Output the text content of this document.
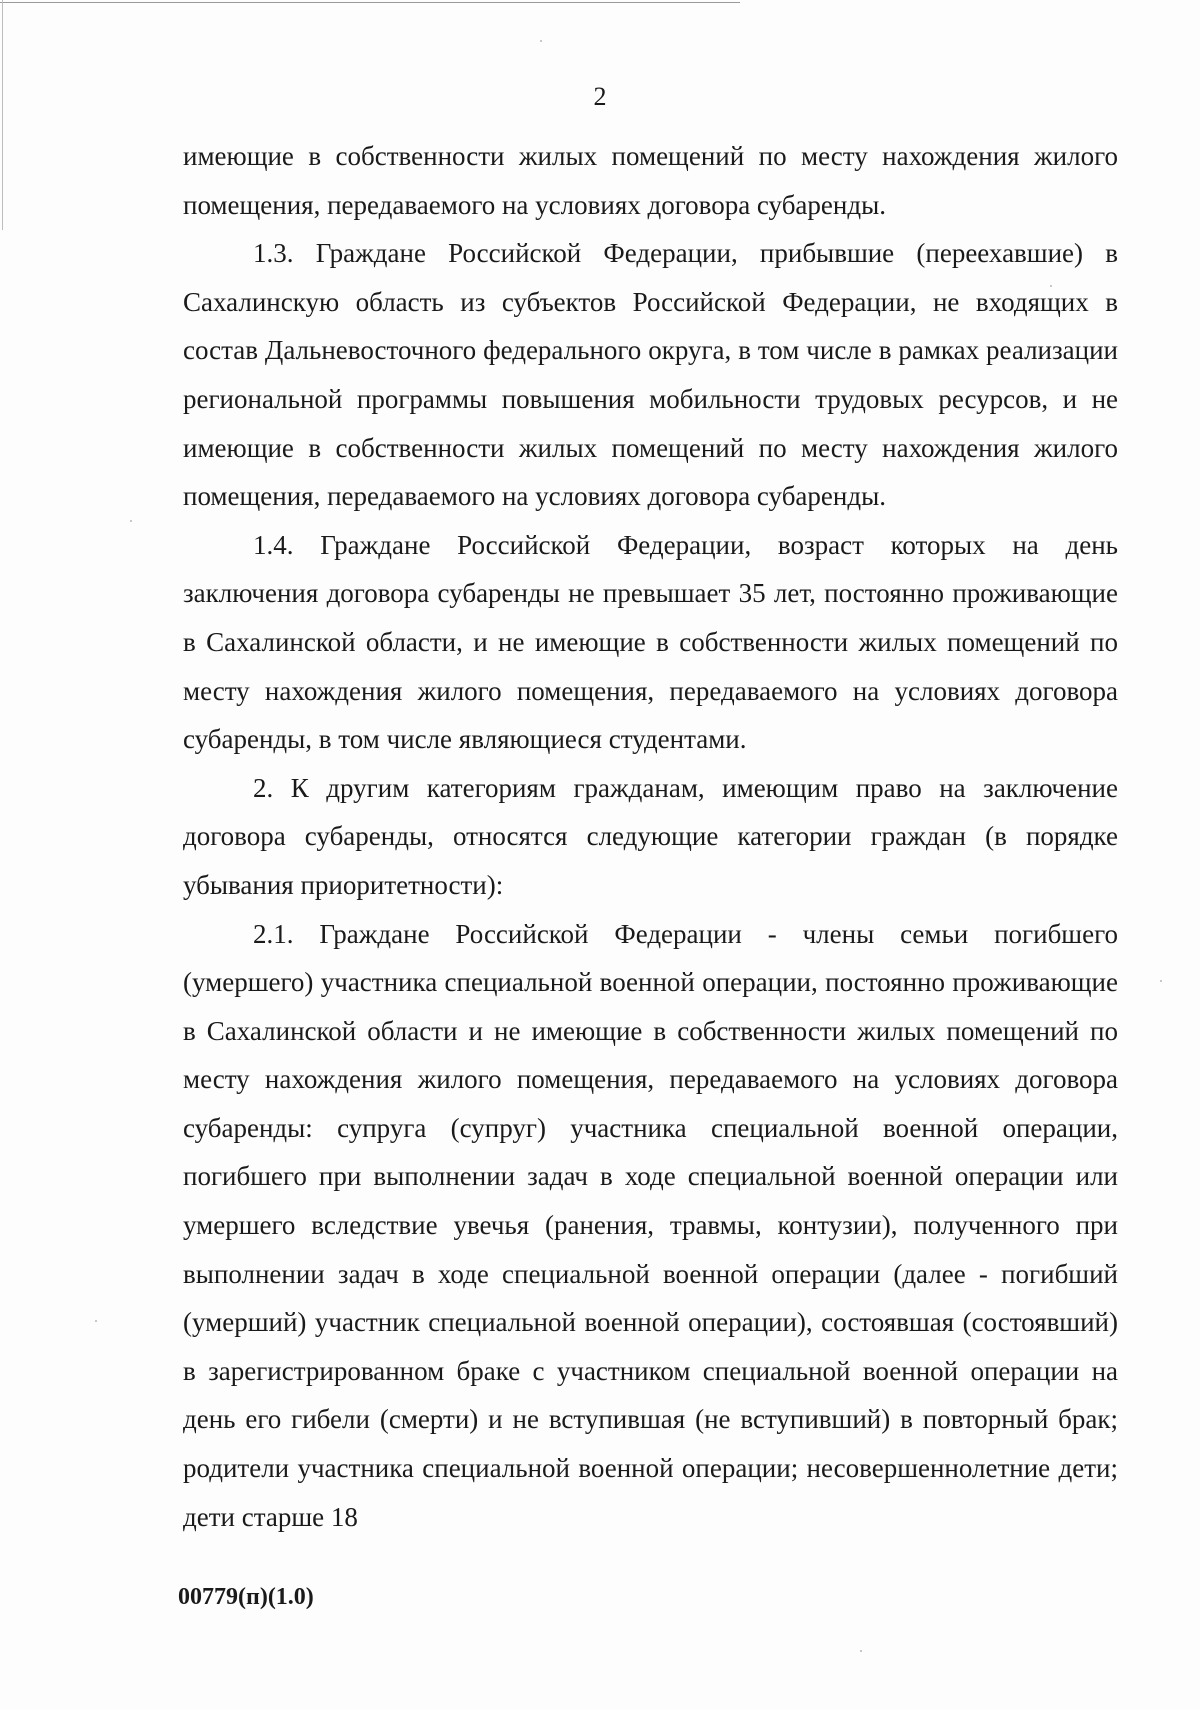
2

имеющие в собственности жилых помещений по месту нахождения жилого помещения, передаваемого на условиях договора субаренды.

1.3. Граждане Российской Федерации, прибывшие (переехавшие) в Сахалинскую область из субъектов Российской Федерации, не входящих в состав Дальневосточного федерального округа, в том числе в рамках реализации региональной программы повышения мобильности трудовых ресурсов, и не имеющие в собственности жилых помещений по месту нахождения жилого помещения, передаваемого на условиях договора субаренды.

1.4. Граждане Российской Федерации, возраст которых на день заключения договора субаренды не превышает 35 лет, постоянно проживающие в Сахалинской области, и не имеющие в собственности жилых помещений по месту нахождения жилого помещения, передаваемого на условиях договора субаренды, в том числе являющиеся студентами.

2. К другим категориям гражданам, имеющим право на заключение договора субаренды, относятся следующие категории граждан (в порядке убывания приоритетности):

2.1. Граждане Российской Федерации - члены семьи погибшего (умершего) участника специальной военной операции, постоянно проживающие в Сахалинской области и не имеющие в собственности жилых помещений по месту нахождения жилого помещения, передаваемого на условиях договора субаренды: супруга (супруг) участника специальной военной операции, погибшего при выполнении задач в ходе специальной военной операции или умершего вследствие увечья (ранения, травмы, контузии), полученного при выполнении задач в ходе специальной военной операции (далее - погибший (умерший) участник специальной военной операции), состоявшая (состоявший) в зарегистрированном браке с участником специальной военной операции на день его гибели (смерти) и не вступившая (не вступивший) в повторный брак; родители участника специальной военной операции; несовершеннолетние дети; дети старше 18

00779(п)(1.0)
